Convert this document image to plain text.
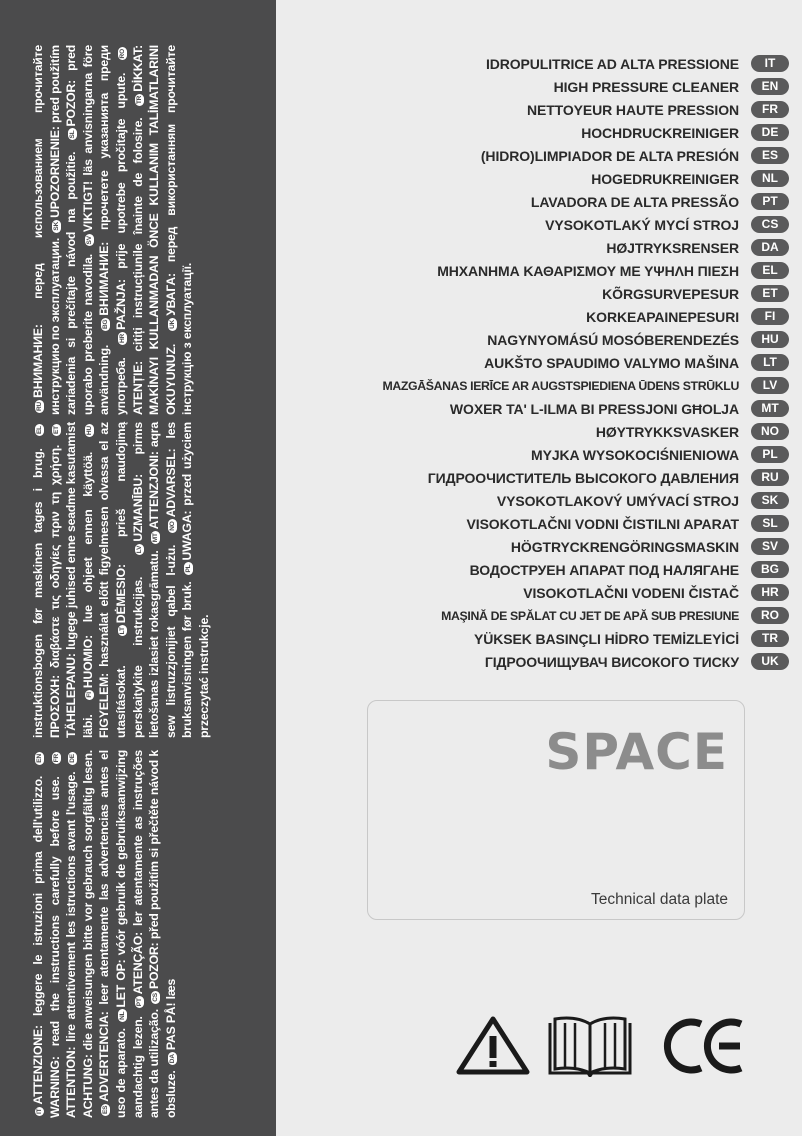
ITATTENZIONE: leggere le istruzioni prima dell'utilizzo. ENWARNING: read the instructions carefully before use. FRATTENTION: lire attentivement les istructions avant l'usage. DE ACHTUNG: die anweisungen bitte vor gebrauch sorgfältig lesen. ESADVERTENCIA: leer atentamente las advertencias antes el uso de aparato. NLLET OP: vóór gebruik de gebruiksaanwijzing aandachtig lezen. PTATENÇÃO: ler atentamente as instruções antes da utilização. CSPOZOR: před použitím si přečtěte návod k obsluze. DAPAS PÅ! læs
instruktionsbogen før maskinen tages i brug. ELΠΡΟΣΟΧΗ: διαβάστε τις οδηγίες πριν τη χρήση. ET TÄHELEPANU: lugege juhised enne seadme kasutamist läbi. FIHUOMIO: lue ohjeet ennen käyttöä. HU FIGYELEM: használat előtt figyelmesen olvassa el az utasításokat. LTDĖMESIO: prieš naudojimą perskaitykite instrukcijas. LVUZMANĪBU: pirms lietošanas izlasiet rokasgrāmatu. MTATTENZJONI: aqra sew listruzzjonijiet qabel l-użu. NOADVARSEL: les bruksanvisningen før bruk. PLUWAGA: przed użyciem przeczytać instrukcje.
RUВНИМАНИЕ: перед использованием прочитайте инструкцию по эксплуатации. SKUPOZORNENIE: pred použitím zariadenia si prečítajte návod na použitie. SLPOZOR: pred uporabo preberite navodila. SVVIKTIGT! läs anvisningarna före användning. BGВНИМАНИЕ: прочетете указанията преди употреба. HRPAŽNJA: prije upotrebe pročitajte upute. ROATENȚIE: citiți instrucțiunile înainte de folosire. TRDİKKAT: MAKİNAYI KULLANMADAN ÖNCE KULLANIM TALİMATLARINI OKUYUNUZ. UKУВАГА: перед використанням прочитайте інструкцію з експлуатації.
IDROPULITRICE AD ALTA PRESSIONE	IT
HIGH PRESSURE CLEANER	EN
NETTOYEUR HAUTE PRESSION	FR
HOCHDRUCKREINIGER	DE
(HIDRO)LIMPIADOR DE ALTA PRESIÓN	ES
HOGEDRUKREINIGER	NL
LAVADORA DE ALTA PRESSÃO	PT
VYSOKOTLAKÝ MYCÍ STROJ	CS
HØJTRYKSRENSER	DA
ΜΗΧΑΝΗΜΑ ΚΑΘΑΡΙΣΜΟΥ ΜΕ ΥΨΗΛΗ ΠΙΕΣΗ	EL
KÕRGSURVEPESUR	ET
KORKEAPAINEPESURI	FI
NAGYNYOMÁSÚ MOSÓBERENDEZÉS	HU
AUKŠTO SPAUDIMO VALYMO MAŠINA	LT
MAZGĀŠANAS IERĪCE AR AUGSTSPIEDIENA ŪDENS STRŪKLU	LV
WOXER TA' L-ILMA BI PRESSJONI GĦOLJA	MT
HØYTRYKKSVASKER	NO
MYJKA WYSOKOCIŚNIENIOWA	PL
ГИДРООЧИСТИТЕЛЬ ВЫСОКОГО ДАВЛЕНИЯ	RU
VYSOKOTLAKOVÝ UMÝVACÍ STROJ	SK
VISOKOTLAČNI VODNI ČISTILNI APARAT	SL
HÖGTRYCKRENGÖRINGSMASKIN	SV
ВОДОСТРУЕН АПАРАТ ПОД НАЛЯГАНЕ	BG
VISOKOTLAČNI VODENI ČISTAČ	HR
MAŞINĂ DE SPĂLAT CU JET DE APĂ SUB PRESIUNE	RO
YÜKSEK BASINÇLI HİDRO TEMİZLEYİCİ	TR
ГІДРООЧИЩУВАЧ ВИСОКОГО ТИСКУ	UK
SPACE
Technical data plate
